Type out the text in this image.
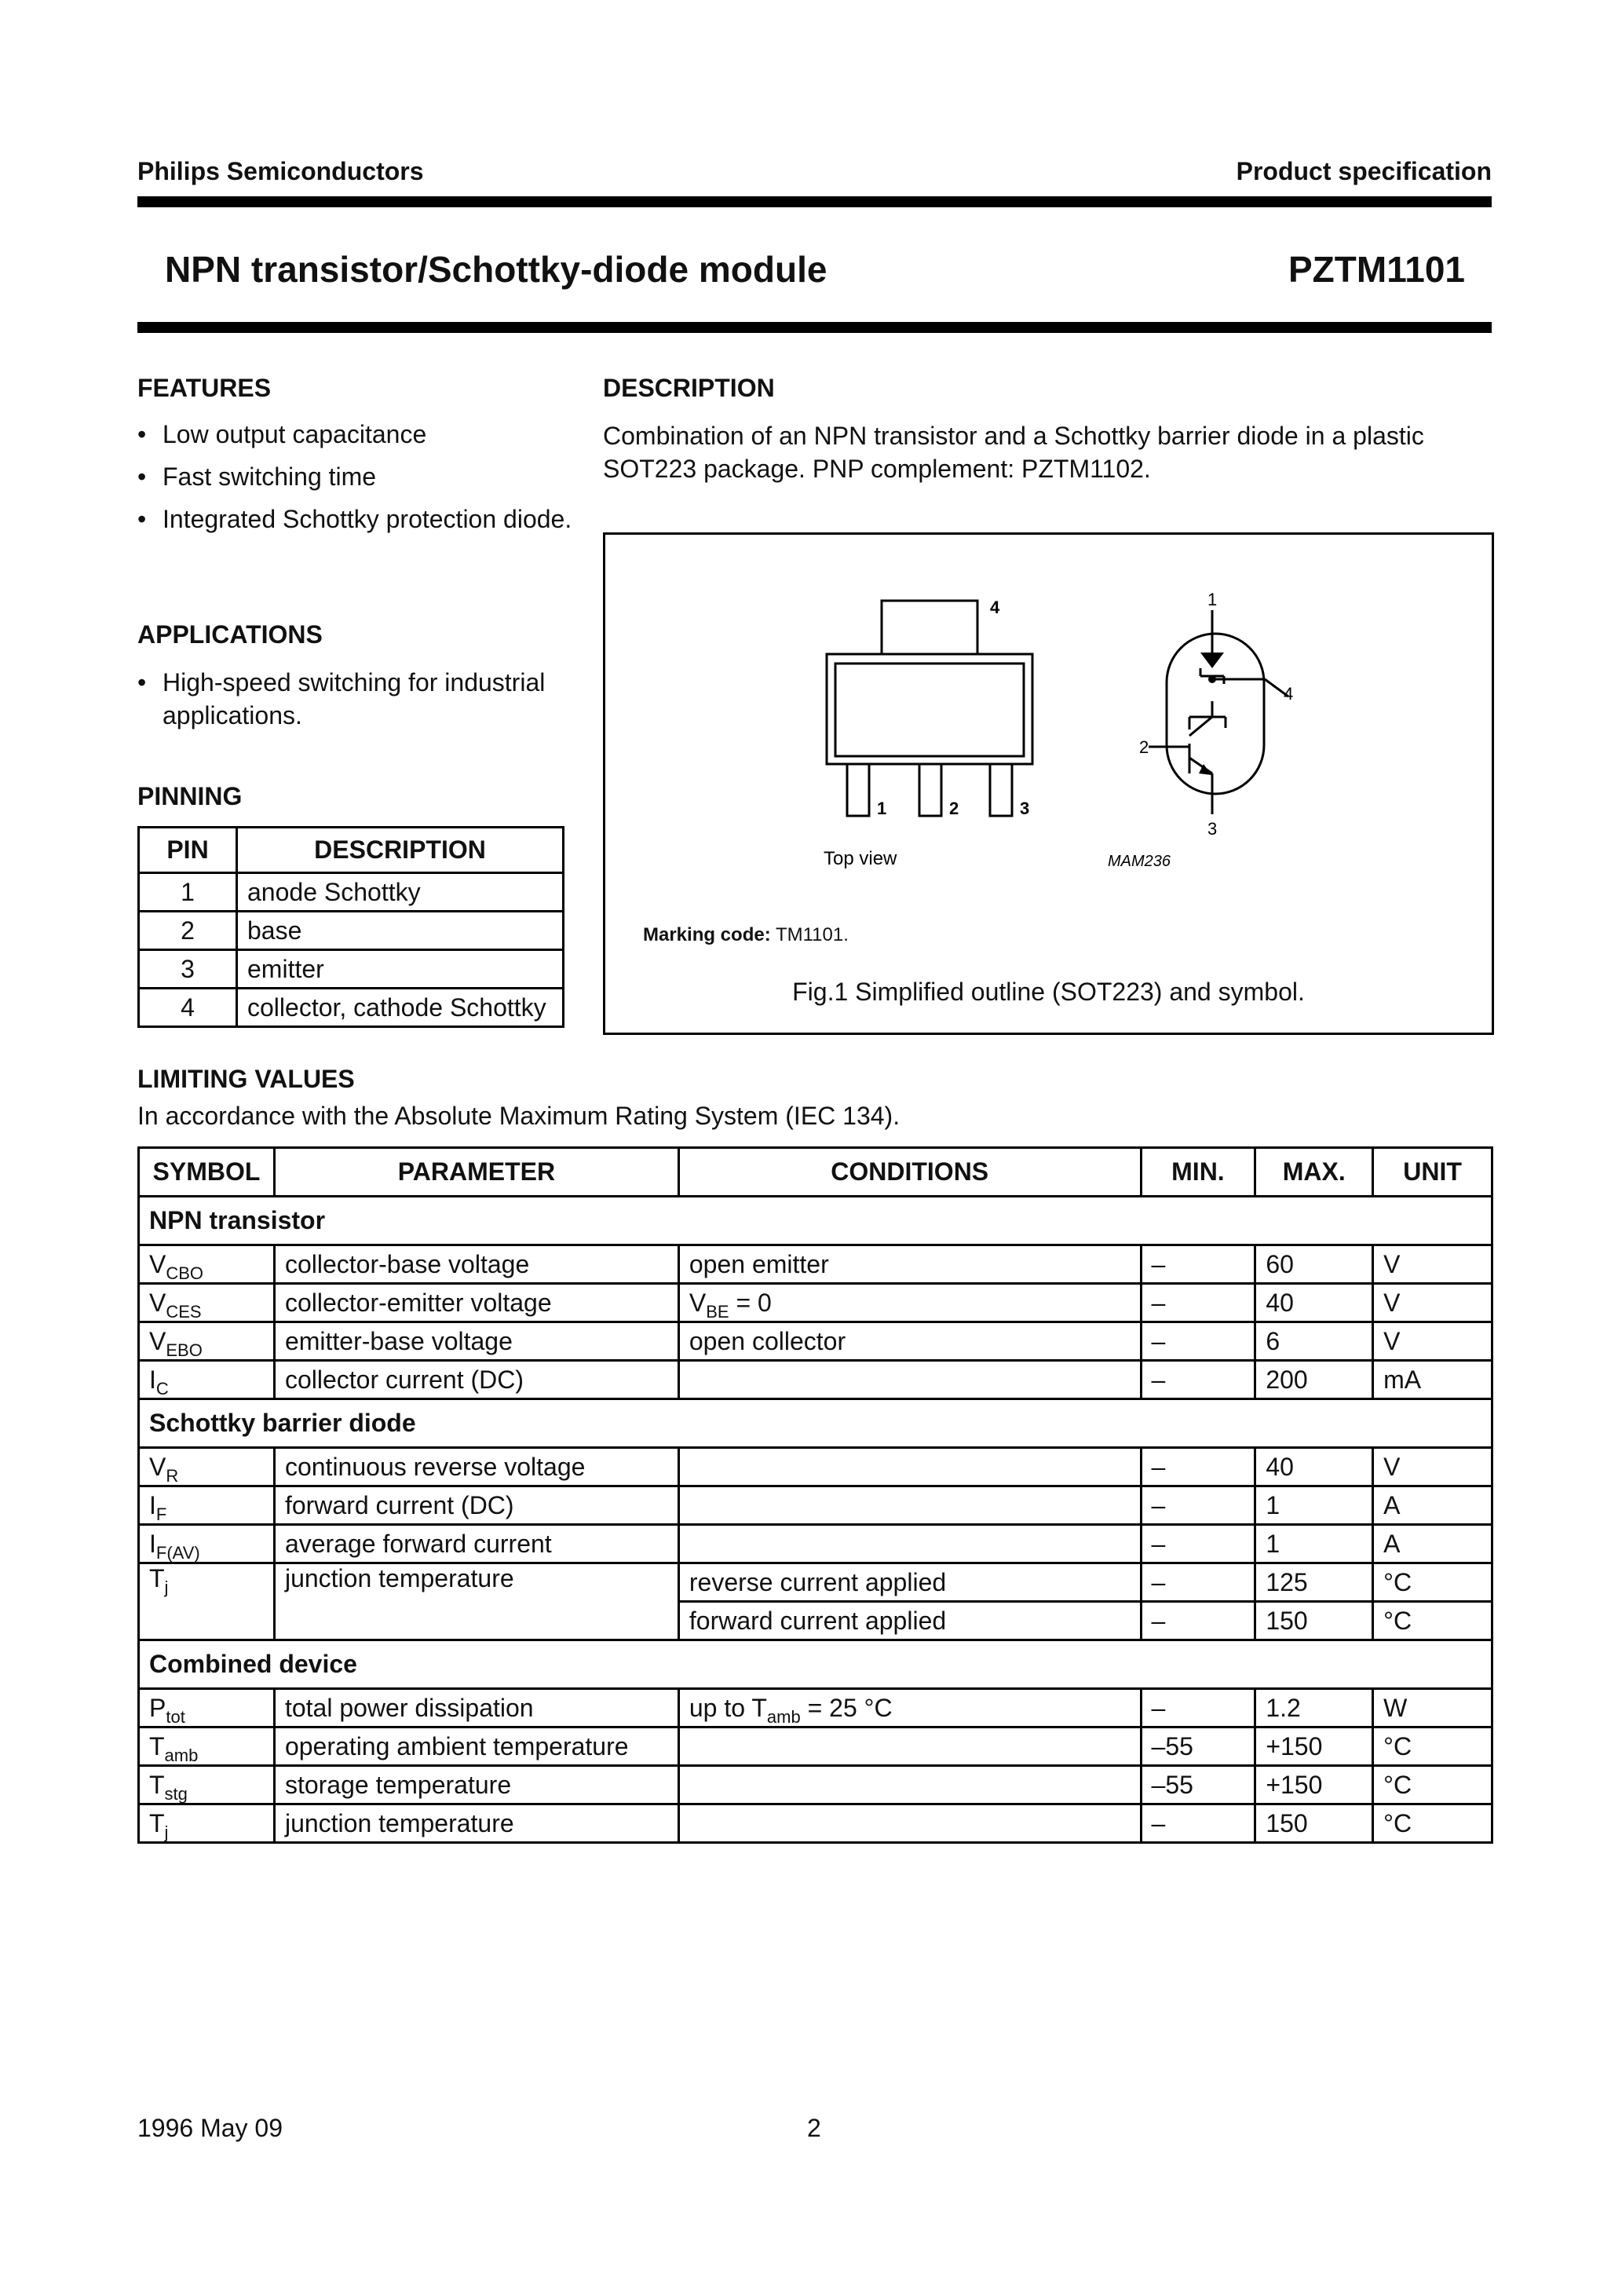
Philips Semiconductors	Product specification
NPN transistor/Schottky-diode module	PZTM1101
FEATURES
• Low output capacitance
• Fast switching time
• Integrated Schottky protection diode.
APPLICATIONS
• High-speed switching for industrial applications.
PINNING
PIN	DESCRIPTION
1	anode Schottky
2	base
3	emitter
4	collector, cathode Schottky
DESCRIPTION
Combination of an NPN transistor and a Schottky barrier diode in a plastic SOT223 package. PNP complement: PZTM1102.
4
1	2	3
Top view
1
4
2
3
MAM236
Marking code: TM1101.
Fig.1 Simplified outline (SOT223) and symbol.
LIMITING VALUES
In accordance with the Absolute Maximum Rating System (IEC 134).
SYMBOL	PARAMETER	CONDITIONS	MIN.	MAX.	UNIT
NPN transistor					
$V_{CBO}$	collector-base voltage	open emitter	–	60	V
$V_{CES}$	collector-emitter voltage	$V_{BE} = 0$	–	40	V
$V_{EBO}$	emitter-base voltage	open collector	–	6	V
$I_C$	collector current (DC)		–	200	mA
Schottky barrier diode					
$V_R$	continuous reverse voltage		–	40	V
$I_F$	forward current (DC)		–	1	A
$I_{F(AV)}$	average forward current		–	1	A
$T_j$	junction temperature	reverse current applied	–	125	°C
		forward current applied	–	150	°C
Combined device					
$P_{tot}$	total power dissipation	up to $T_{amb} = 25$ °C	–	1.2	W
$T_{amb}$	operating ambient temperature		–55	+150	°C
$T_{stg}$	storage temperature		–55	+150	°C
$T_j$	junction temperature		–	150	°C
1996 May 09	2
